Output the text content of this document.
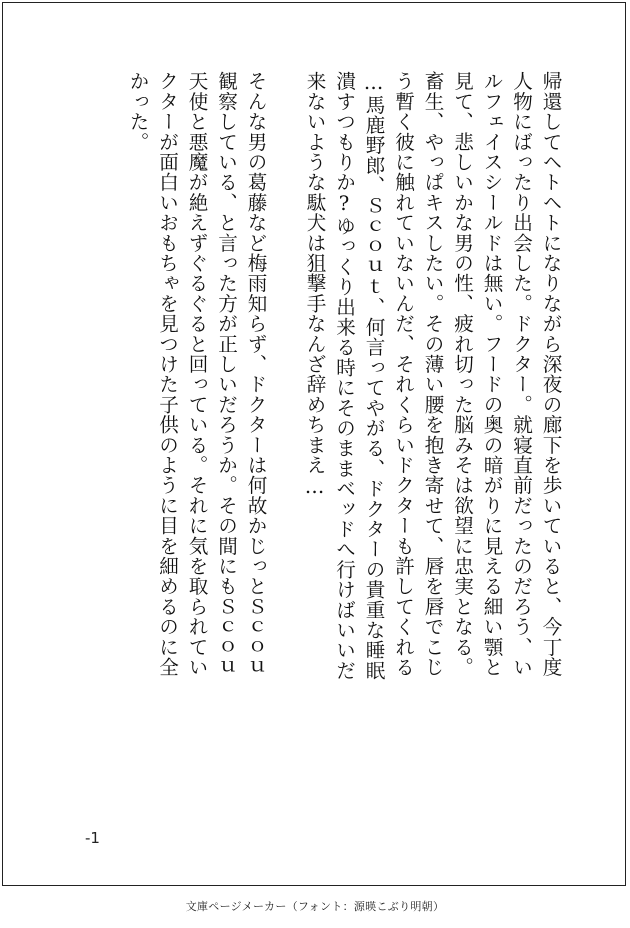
帰還してヘトヘトになりながら深夜の廊下を歩いていると、今丁度
人物にばったり出会した。ドクター。就寝直前だったのだろう、い
ルフェイスシールドは無い。フードの奥の暗がりに見える細い顎と
見て、悲しいかな男の性、疲れ切った脳みそは欲望に忠実となる。
畜生、やっぱキスしたい。その薄い腰を抱き寄せて、唇を唇でこじ
う暫く彼に触れていないんだ、それくらいドクターも許してくれる
…馬鹿野郎、Ｓｃｏｕｔ、何言ってやがる、ドクターの貴重な睡眠
潰すつもりか?ゆっくり出来る時にそのままベッドへ行けばいいだ
来ないような駄犬は狙撃手なんざ辞めちまえ…
そんな男の葛藤など梅雨知らず、ドクターは何故かじっとＳｃｏｕ
観察している、と言った方が正しいだろうか。その間にもＳｃｏｕ
天使と悪魔が絶えずぐるぐると回っている。それに気を取られてい
クターが面白いおもちゃを見つけた子供のように目を細めるのに全
かった。
-1
文庫ページメーカー（フォント：源暎こぶり明朝）
